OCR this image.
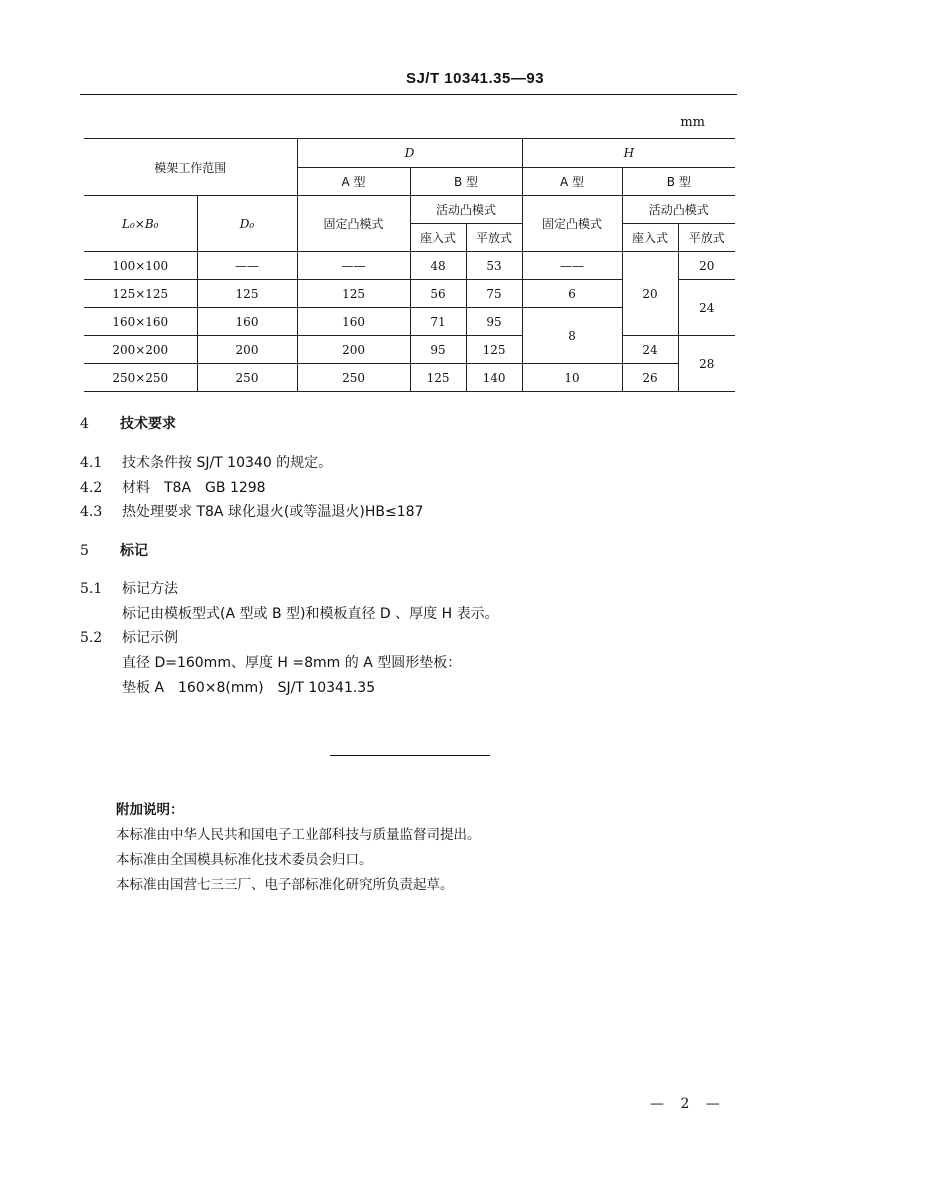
SJ/T 10341.35—93
mm
模架工作范围		D			H		
		A 型	B 型		A 型	B 型	
L₀×B₀	D₀	固定凸模式	活动凸模式		固定凸模式	活动凸模式	
			座入式	平放式		座入式	平放式
100×100	——	——	48	53	——	20	20
125×125	125	125	56	75	6		24
160×160	160	160	71	95	8		
200×200	200	200	95	125		24	28
250×250	250	250	125	140	10	26	
4 技术要求
4.1 技术条件按 SJ/T 10340 的规定。
4.2 材料　T8A　GB 1298
4.3 热处理要求 T8A 球化退火(或等温退火)HB≤187
5 标记
5.1 标记方法
标记由模板型式(A 型或 B 型)和模板直径 D 、厚度 H 表示。
5.2 标记示例
直径 D=160mm、厚度 H =8mm 的 A 型圆形垫板：
垫板 A　160×8(mm)　SJ/T 10341.35
附加说明：
本标准由中华人民共和国电子工业部科技与质量监督司提出。
本标准由全国模具标准化技术委员会归口。
本标准由国营七三三厂、电子部标准化研究所负责起草。
— 2 —
